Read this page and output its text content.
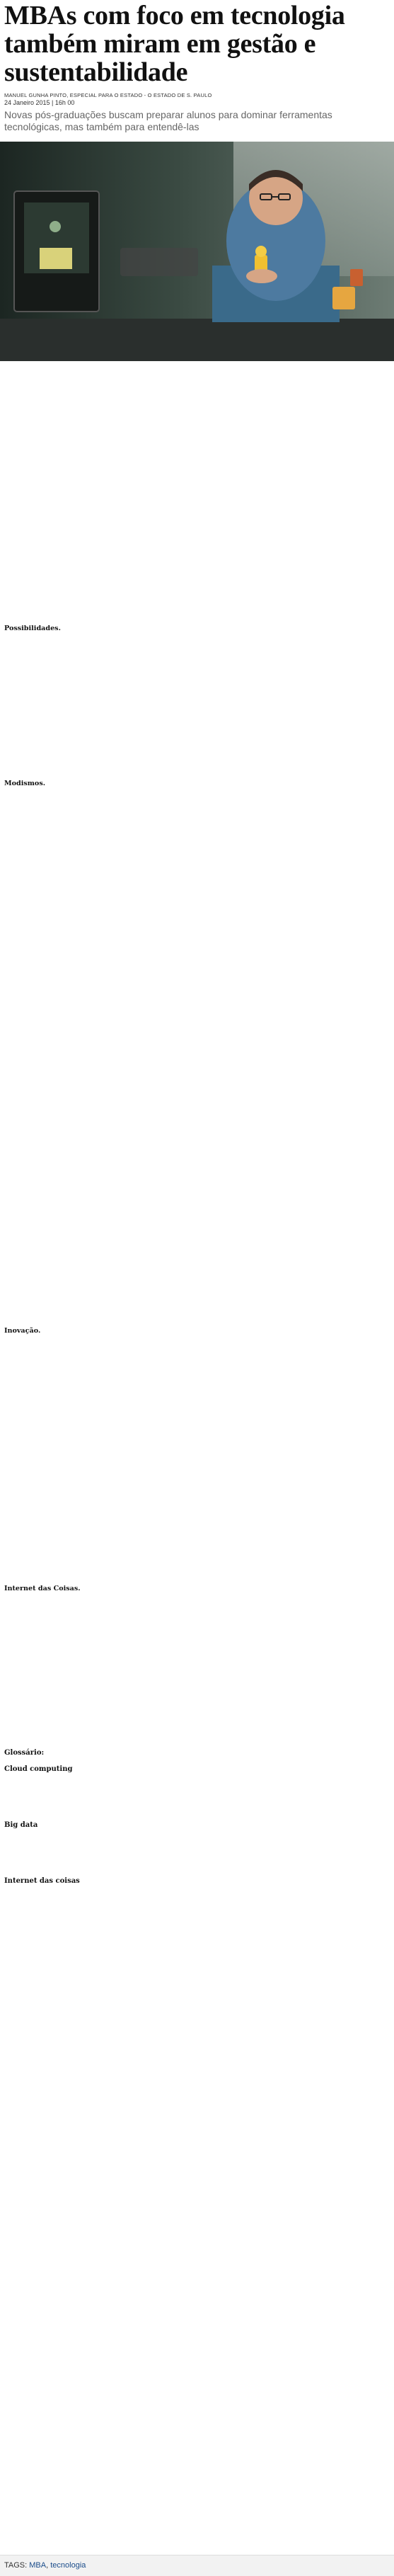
MBAs com foco em tecnologia também miram em gestão e sustentabilidade
MANUEL GUNHA PINTO, ESPECIAL PARA O ESTADO - O ESTADO DE S. PAULO
24 Janeiro 2015 | 16h 00
Novas pós-graduações buscam preparar alunos para dominar ferramentas tecnológicas, mas também para entendê-las

Possibilidades.

Modismos.

Inovação.

Internet das Coisas.

Glossário:
Cloud computing

Big data

Internet das coisas

TAGS: MBA, tecnologia
